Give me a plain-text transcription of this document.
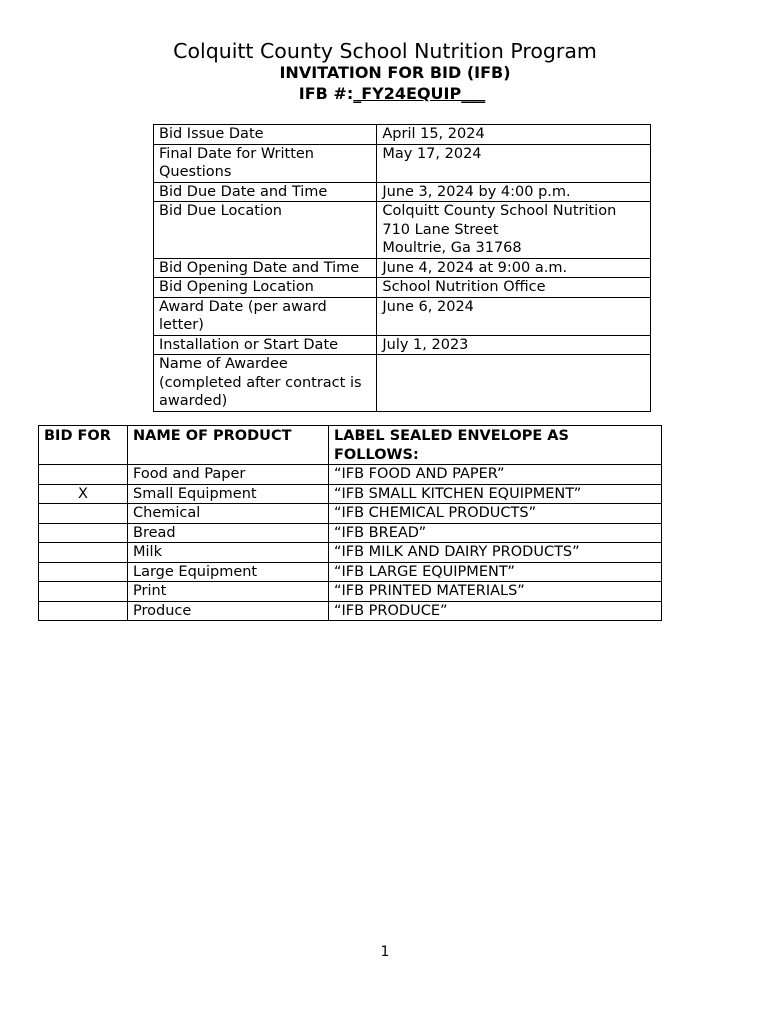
Colquitt County School Nutrition Program
INVITATION FOR BID (IFB)
IFB #:_FY24EQUIP___
Bid Issue Date	April 15, 2024

Final Date for Written Questions	May 17, 2024

Bid Due Date and Time	June 3, 2024 by 4:00 p.m.

Bid Due Location	Colquitt County School Nutrition
710 Lane Street
Moultrie, Ga 31768

Bid Opening Date and Time	June 4, 2024 at 9:00 a.m.

Bid Opening Location	School Nutrition Office

Award Date (per award letter)	June 6, 2024

Installation or Start Date	July 1, 2023

Name of Awardee (completed after contract is awarded)	

BID FOR	NAME OF PRODUCT	LABEL SEALED ENVELOPE AS FOLLOWS:
	Food and Paper	“IFB FOOD AND PAPER”
X	Small Equipment	“IFB SMALL KITCHEN EQUIPMENT”
	Chemical	“IFB CHEMICAL PRODUCTS”
	Bread	“IFB BREAD”
	Milk	“IFB MILK AND DAIRY PRODUCTS”
	Large Equipment	“IFB LARGE EQUIPMENT”
	Print	“IFB PRINTED MATERIALS”
	Produce	“IFB PRODUCE”
1
